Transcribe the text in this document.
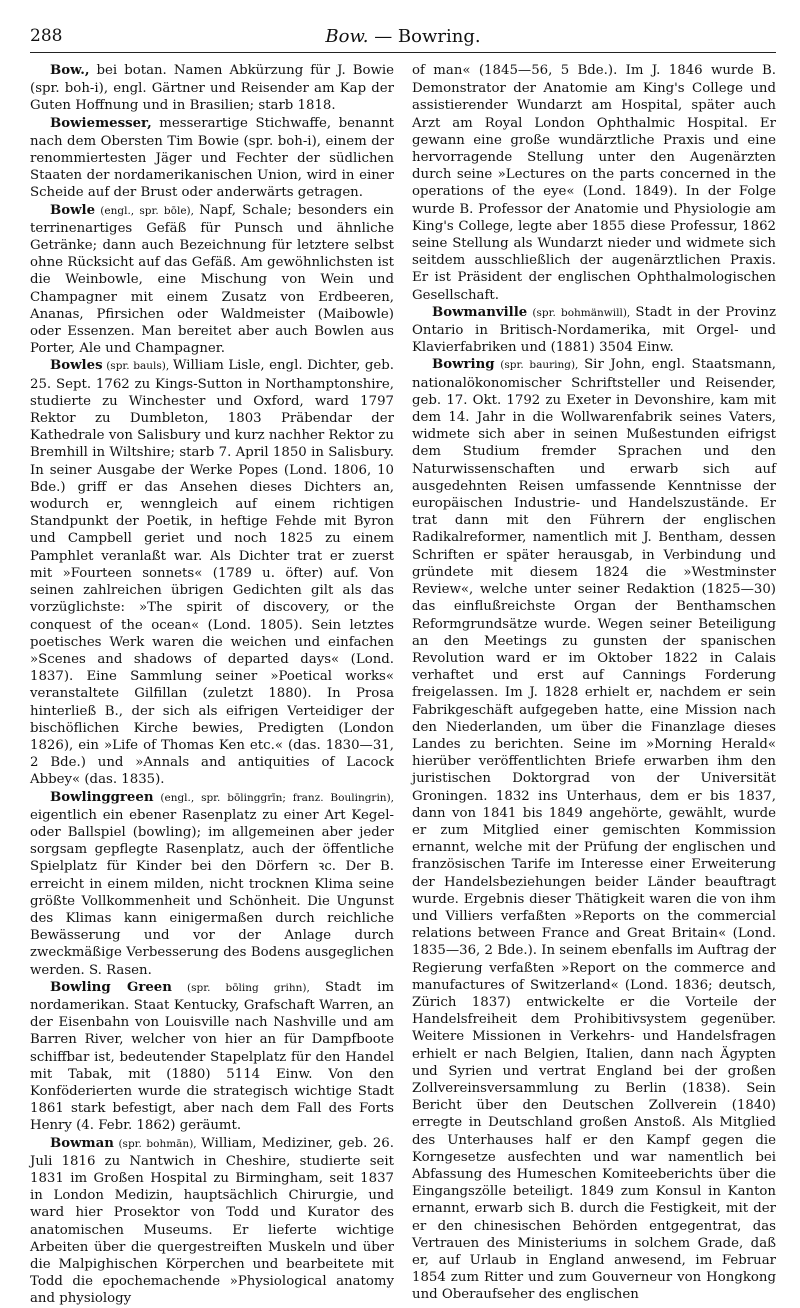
288	Bow. — Bowring.

Bow., bei botan. Namen Abkürzung für J. Bowie (spr. boh-i), engl. Gärtner und Reisender am Kap der Guten Hoffnung und in Brasilien; starb 1818.

Bowiemesser, messerartige Stichwaffe, benannt nach dem Obersten Tim Bowie (spr. boh-i), einem der renommiertesten Jäger und Fechter der südlichen Staaten der nordamerikanischen Union, wird in einer Scheide auf der Brust oder anderwärts getragen.

Bowle (engl., spr. bōle), Napf, Schale; besonders ein terrinenartiges Gefäß für Punsch und ähnliche Getränke; dann auch Bezeichnung für letztere selbst ohne Rücksicht auf das Gefäß. Am gewöhnlichsten ist die Weinbowle, eine Mischung von Wein und Champagner mit einem Zusatz von Erdbeeren, Ananas, Pfirsichen oder Waldmeister (Maibowle) oder Essenzen. Man bereitet aber auch Bowlen aus Porter, Ale und Champagner.

Bowles (spr. bauls), William Lisle, engl. Dichter, geb. 25. Sept. 1762 zu Kings-Sutton in Northamptonshire, studierte zu Winchester und Oxford, ward 1797 Rektor zu Dumbleton, 1803 Präbendar der Kathedrale von Salisbury und kurz nachher Rektor zu Bremhill in Wiltshire; starb 7. April 1850 in Salisbury. In seiner Ausgabe der Werke Popes (Lond. 1806, 10 Bde.) griff er das Ansehen dieses Dichters an, wodurch er, wenngleich auf einem richtigen Standpunkt der Poetik, in heftige Fehde mit Byron und Campbell geriet und noch 1825 zu einem Pamphlet veranlaßt war. Als Dichter trat er zuerst mit »Fourteen sonnets« (1789 u. öfter) auf. Von seinen zahlreichen übrigen Gedichten gilt als das vorzüglichste: »The spirit of discovery, or the conquest of the ocean« (Lond. 1805). Sein letztes poetisches Werk waren die weichen und einfachen »Scenes and shadows of departed days« (Lond. 1837). Eine Sammlung seiner »Poetical works« veranstaltete Gilfillan (zuletzt 1880). In Prosa hinterließ B., der sich als eifrigen Verteidiger der bischöflichen Kirche bewies, Predigten (London 1826), ein »Life of Thomas Ken etc.« (das. 1830—31, 2 Bde.) und »Annals and antiquities of Lacock Abbey« (das. 1835).

Bowlinggreen (engl., spr. bōlinggrīn; franz. Boulingrin), eigentlich ein ebener Rasenplatz zu einer Art Kegel- oder Ballspiel (bowling); im allgemeinen aber jeder sorgsam gepflegte Rasenplatz, auch der öffentliche Spielplatz für Kinder bei den Dörfern ꝛc. Der B. erreicht in einem milden, nicht trocknen Klima seine größte Vollkommenheit und Schönheit. Die Ungunst des Klimas kann einigermaßen durch reichliche Bewässerung und vor der Anlage durch zweckmäßige Verbesserung des Bodens ausgeglichen werden. S. Rasen.

Bowling Green (spr. bōling grihn), Stadt im nordamerikan. Staat Kentucky, Grafschaft Warren, an der Eisenbahn von Louisville nach Nashville und am Barren River, welcher von hier an für Dampfboote schiffbar ist, bedeutender Stapelplatz für den Handel mit Tabak, mit (1880) 5114 Einw. Von den Konföderierten wurde die strategisch wichtige Stadt 1861 stark befestigt, aber nach dem Fall des Forts Henry (4. Febr. 1862) geräumt.

Bowman (spr. bohmān), William, Mediziner, geb. 26. Juli 1816 zu Nantwich in Cheshire, studierte seit 1831 im Großen Hospital zu Birmingham, seit 1837 in London Medizin, hauptsächlich Chirurgie, und ward hier Prosektor von Todd und Kurator des anatomischen Museums. Er lieferte wichtige Arbeiten über die quergestreiften Muskeln und über die Malpighischen Körperchen und bearbeitete mit Todd die epochemachende »Physiological anatomy and physiology

of man« (1845—56, 5 Bde.). Im J. 1846 wurde B. Demonstrator der Anatomie am King's College und assistierender Wundarzt am Hospital, später auch Arzt am Royal London Ophthalmic Hospital. Er gewann eine große wundärztliche Praxis und eine hervorragende Stellung unter den Augenärzten durch seine »Lectures on the parts concerned in the operations of the eye« (Lond. 1849). In der Folge wurde B. Professor der Anatomie und Physiologie am King's College, legte aber 1855 diese Professur, 1862 seine Stellung als Wundarzt nieder und widmete sich seitdem ausschließlich der augenärztlichen Praxis. Er ist Präsident der englischen Ophthalmologischen Gesellschaft.

Bowmanville (spr. bohmänwill), Stadt in der Provinz Ontario in Britisch-Nordamerika, mit Orgel- und Klavierfabriken und (1881) 3504 Einw.

Bowring (spr. bauring), Sir John, engl. Staatsmann, nationalökonomischer Schriftsteller und Reisender, geb. 17. Okt. 1792 zu Exeter in Devonshire, kam mit dem 14. Jahr in die Wollwarenfabrik seines Vaters, widmete sich aber in seinen Mußestunden eifrigst dem Studium fremder Sprachen und den Naturwissenschaften und erwarb sich auf ausgedehnten Reisen umfassende Kenntnisse der europäischen Industrie- und Handelszustände. Er trat dann mit den Führern der englischen Radikalreformer, namentlich mit J. Bentham, dessen Schriften er später herausgab, in Verbindung und gründete mit diesem 1824 die »Westminster Review«, welche unter seiner Redaktion (1825—30) das einflußreichste Organ der Benthamschen Reformgrundsätze wurde. Wegen seiner Beteiligung an den Meetings zu gunsten der spanischen Revolution ward er im Oktober 1822 in Calais verhaftet und erst auf Cannings Forderung freigelassen. Im J. 1828 erhielt er, nachdem er sein Fabrikgeschäft aufgegeben hatte, eine Mission nach den Niederlanden, um über die Finanzlage dieses Landes zu berichten. Seine im »Morning Herald« hierüber veröffentlichten Briefe erwarben ihm den juristischen Doktorgrad von der Universität Groningen. 1832 ins Unterhaus, dem er bis 1837, dann von 1841 bis 1849 angehörte, gewählt, wurde er zum Mitglied einer gemischten Kommission ernannt, welche mit der Prüfung der englischen und französischen Tarife im Interesse einer Erweiterung der Handelsbeziehungen beider Länder beauftragt wurde. Ergebnis dieser Thätigkeit waren die von ihm und Villiers verfaßten »Reports on the commercial relations between France and Great Britain« (Lond. 1835—36, 2 Bde.). In seinem ebenfalls im Auftrag der Regierung verfaßten »Report on the commerce and manufactures of Switzerland« (Lond. 1836; deutsch, Zürich 1837) entwickelte er die Vorteile der Handelsfreiheit dem Prohibitivsystem gegenüber. Weitere Missionen in Verkehrs- und Handelsfragen erhielt er nach Belgien, Italien, dann nach Ägypten und Syrien und vertrat England bei der großen Zollvereinsversammlung zu Berlin (1838). Sein Bericht über den Deutschen Zollverein (1840) erregte in Deutschland großen Anstoß. Als Mitglied des Unterhauses half er den Kampf gegen die Korngesetze ausfechten und war namentlich bei Abfassung des Humeschen Komiteeberichts über die Eingangszölle beteiligt. 1849 zum Konsul in Kanton ernannt, erwarb sich B. durch die Festigkeit, mit der er den chinesischen Behörden entgegentrat, das Vertrauen des Ministeriums in solchem Grade, daß er, auf Urlaub in England anwesend, im Februar 1854 zum Ritter und zum Gouverneur von Hongkong und Oberaufseher des englischen
